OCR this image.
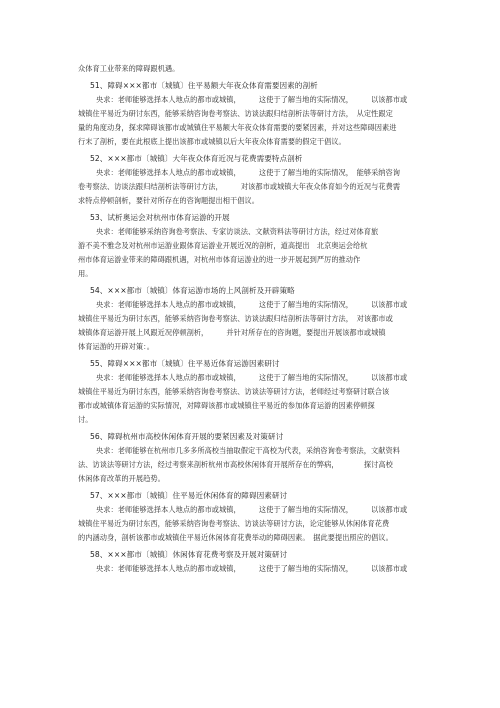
众体育工业带来的障碍跟机遇。
51、障碍×××都市〔城镇〕住平易额大年夜众体育需要因素的剖析
央求：老师能够选择本人地点的都市或城镇，　　　这使于了解当地的实际情况，　　　以该都市或
城镇住平易近为研讨东西，能够采纳咨询卷考察法、访谈法跟归结剖析法等研讨方法，　从定性跟定
量的角度动身，探求障碍该都市或城镇住平易额大年夜众体育需要的要紧因素，并对这些障碍因素进
行末了剖析，要在此根底上提出该都市或城镇以后大年夜众体育需要的假定干倡议。
52、×××都市〔城镇〕大年夜众体育近况与花费需要特点剖析
央求：老师能够选择本人地点的都市或城镇，　　　这使于了解当地的实际情况，　能够采纳咨询
卷考察法、访谈法跟归结剖析法等研讨方法，　　　对该都市或城镇大年夜众体育如今的近况与花费需
求特点停顿剖析，要针对所存在的咨询题提出相干倡议。
53、试析奥运会对杭州市体育运游的开展
央求：老师能够采纳咨询卷考察法、专家访谈法、文献资料法等研讨方法，经过对体育旅
游不美不雅念及对杭州市运游业跟体育运游业开展近况的剖析，道高提出　北京奥运会给杭
州市体育运游业带来的障碍跟机遇，对杭州市体育运游业的进一步开展起到严厉的推动作
用。
54、×××都市〔城镇〕体育运游市场的上风剖析及开辟策略
央求：老师能够选择本人地点的都市或城镇，　　　这使于了解当地的实际情况，　　　以该都市或
城镇住平易近为研讨东西，能够采纳咨询卷考察法、访谈法跟归结剖析法等研讨方法，　对该都市或
城镇体育运游开展上风跟近况停顿剖析，　　　并针对所存在的咨询题，要提出开展该都市或城镇
体育运游的开辟对策：。
55、障碍×××都市〔城镇〕住平易近体育运游因素研讨
央求：老师能够选择本人地点的都市或城镇，　　　这使于了解当地的实际情况，　　　以该都市或
城镇住平易近为研讨东西，能够采纳咨询卷考察法、访谈法等研讨方法，老师经过考察研讨联合该
都市或城镇体育运游的实际情况，对障碍该都市或城镇住平易近的参加体育运游的因素停顿探
讨。
56、障碍杭州市高校休闲体育开展的要紧因素及对策研讨
央求：老师能够在杭州市几多多所高校当抽取假定干高校为代表，采纳咨询卷考察法，文献资料
法、访谈法等研讨方法，经过考察来剖析杭州市高校休闲体育开展所存在的弊病，　　　　探讨高校
休闲体育改革的开展趋势。
57、×××都市〔城镇〕住平易近休闲体育的障碍因素研讨
央求：老师能够选择本人地点的都市或城镇，　　　这使于了解当地的实际情况，　　　以该都市或
城镇住平易近为研讨东西，能够采纳咨询卷考察法、访谈法等研讨方法，论定能够从休闲体育花费
的内涵动身，剖析该都市或城镇住平易近休闲体育花费举动的障碍因素。　据此要提出照应的倡议。
58、×××都市〔城镇〕休闲体育花费考察及开展对策研讨
央求：老师能够选择本人地点的都市或城镇，　　　这使于了解当地的实际情况，　　　以该都市或
